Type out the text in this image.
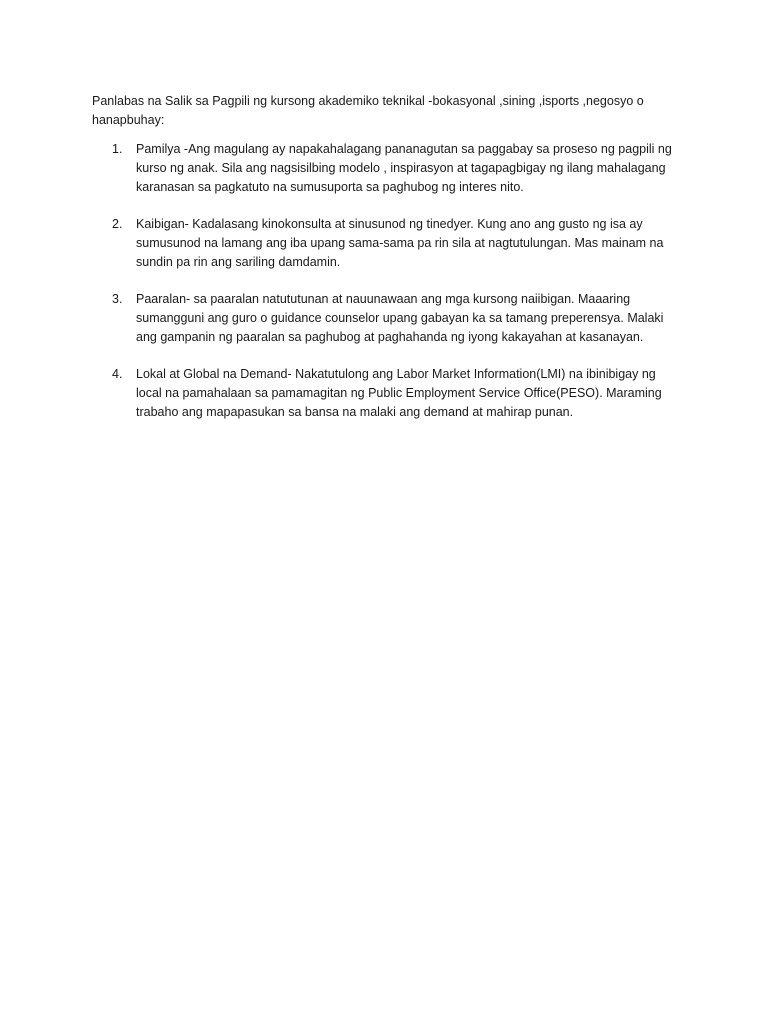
Panlabas na Salik sa Pagpili ng kursong akademiko teknikal -bokasyonal ,sining ,isports ,negosyo o hanapbuhay:

1.	Pamilya -Ang magulang ay napakahalagang pananagutan sa paggabay sa proseso ng pagpili ng kurso ng anak. Sila ang nagsisilbing modelo , inspirasyon at tagapagbigay ng ilang mahalagang karanasan sa pagkatuto na sumusuporta sa paghubog ng interes nito.
2.	Kaibigan- Kadalasang kinokonsulta at sinusunod ng tinedyer. Kung ano ang gusto ng isa ay sumusunod na lamang ang iba upang sama-sama pa rin sila at nagtutulungan. Mas mainam na sundin pa rin ang sariling damdamin.
3.	Paaralan- sa paaralan natututunan at nauunawaan ang mga kursong naiibigan. Maaaring sumangguni ang guro o guidance counselor upang gabayan ka sa tamang preperensya. Malaki ang gampanin ng paaralan sa paghubog at paghahanda ng iyong kakayahan at kasanayan.
4.	Lokal at Global na Demand- Nakatutulong ang Labor Market Information(LMI) na ibinibigay ng local na pamahalaan sa pamamagitan ng Public Employment Service Office(PESO). Maraming trabaho ang mapapasukan sa bansa na malaki ang demand at mahirap punan.
